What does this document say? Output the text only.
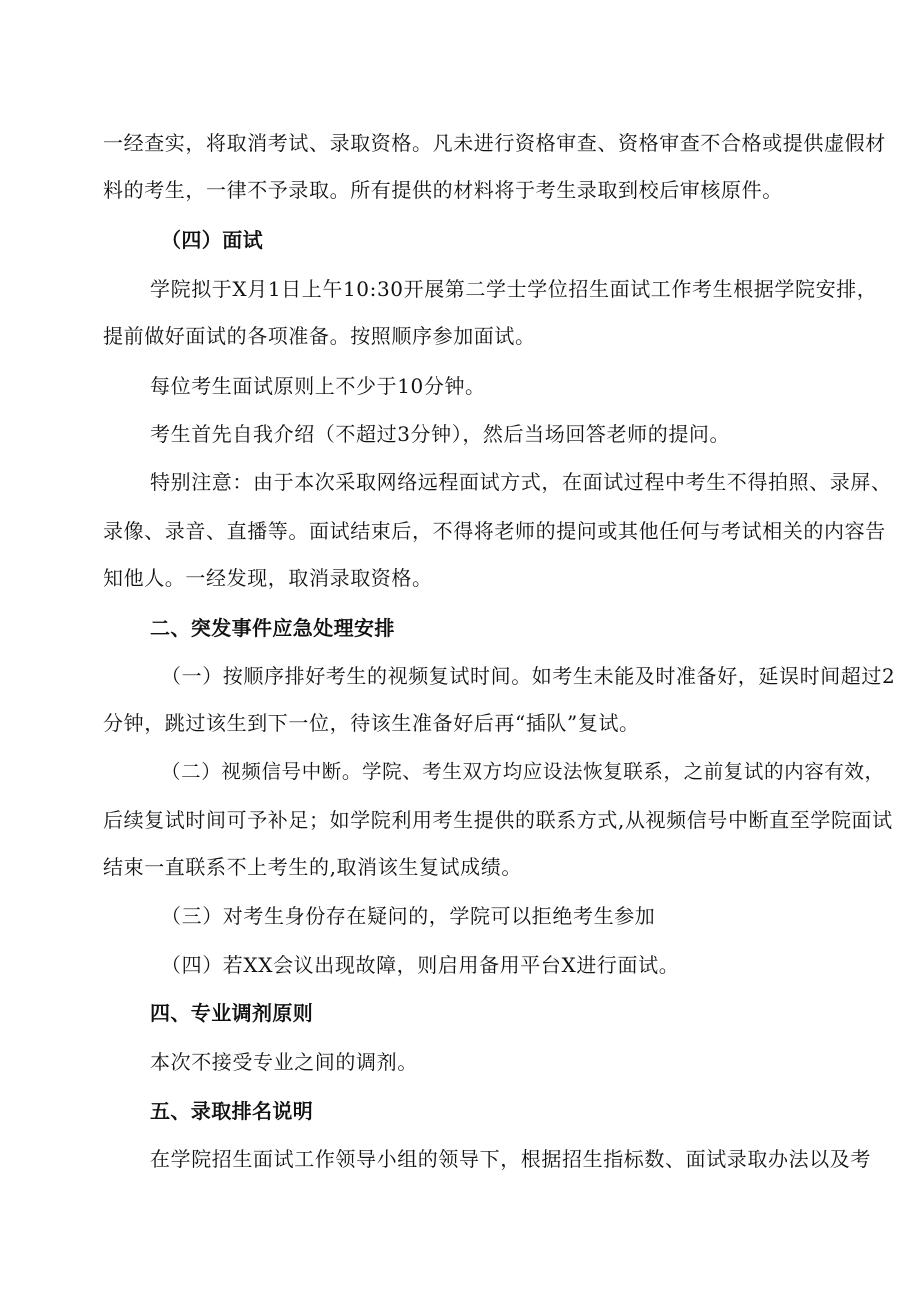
一经查实，将取消考试、录取资格。凡未进行资格审查、资格审查不合格或提供虚假材
料的考生，一律不予录取。所有提供的材料将于考生录取到校后审核原件。
（四）面试
学院拟于X月1日上午10:30开展第二学士学位招生面试工作考生根据学院安排，
提前做好面试的各项准备。按照顺序参加面试。
每位考生面试原则上不少于10分钟。
考生首先自我介绍（不超过3分钟），然后当场回答老师的提问。
特别注意：由于本次采取网络远程面试方式，在面试过程中考生不得拍照、录屏、
录像、录音、直播等。面试结束后，不得将老师的提问或其他任何与考试相关的内容告
知他人。一经发现，取消录取资格。
二、突发事件应急处理安排
（一）按顺序排好考生的视频复试时间。如考生未能及时准备好，延误时间超过2
分钟，跳过该生到下一位，待该生准备好后再“插队”复试。
（二）视频信号中断。学院、考生双方均应设法恢复联系，之前复试的内容有效，
后续复试时间可予补足；如学院利用考生提供的联系方式,从视频信号中断直至学院面试
结束一直联系不上考生的,取消该生复试成绩。
（三）对考生身份存在疑问的，学院可以拒绝考生参加
（四）若XX会议出现故障，则启用备用平台X进行面试。
四、专业调剂原则
本次不接受专业之间的调剂。
五、录取排名说明
在学院招生面试工作领导小组的领导下，根据招生指标数、面试录取办法以及考
